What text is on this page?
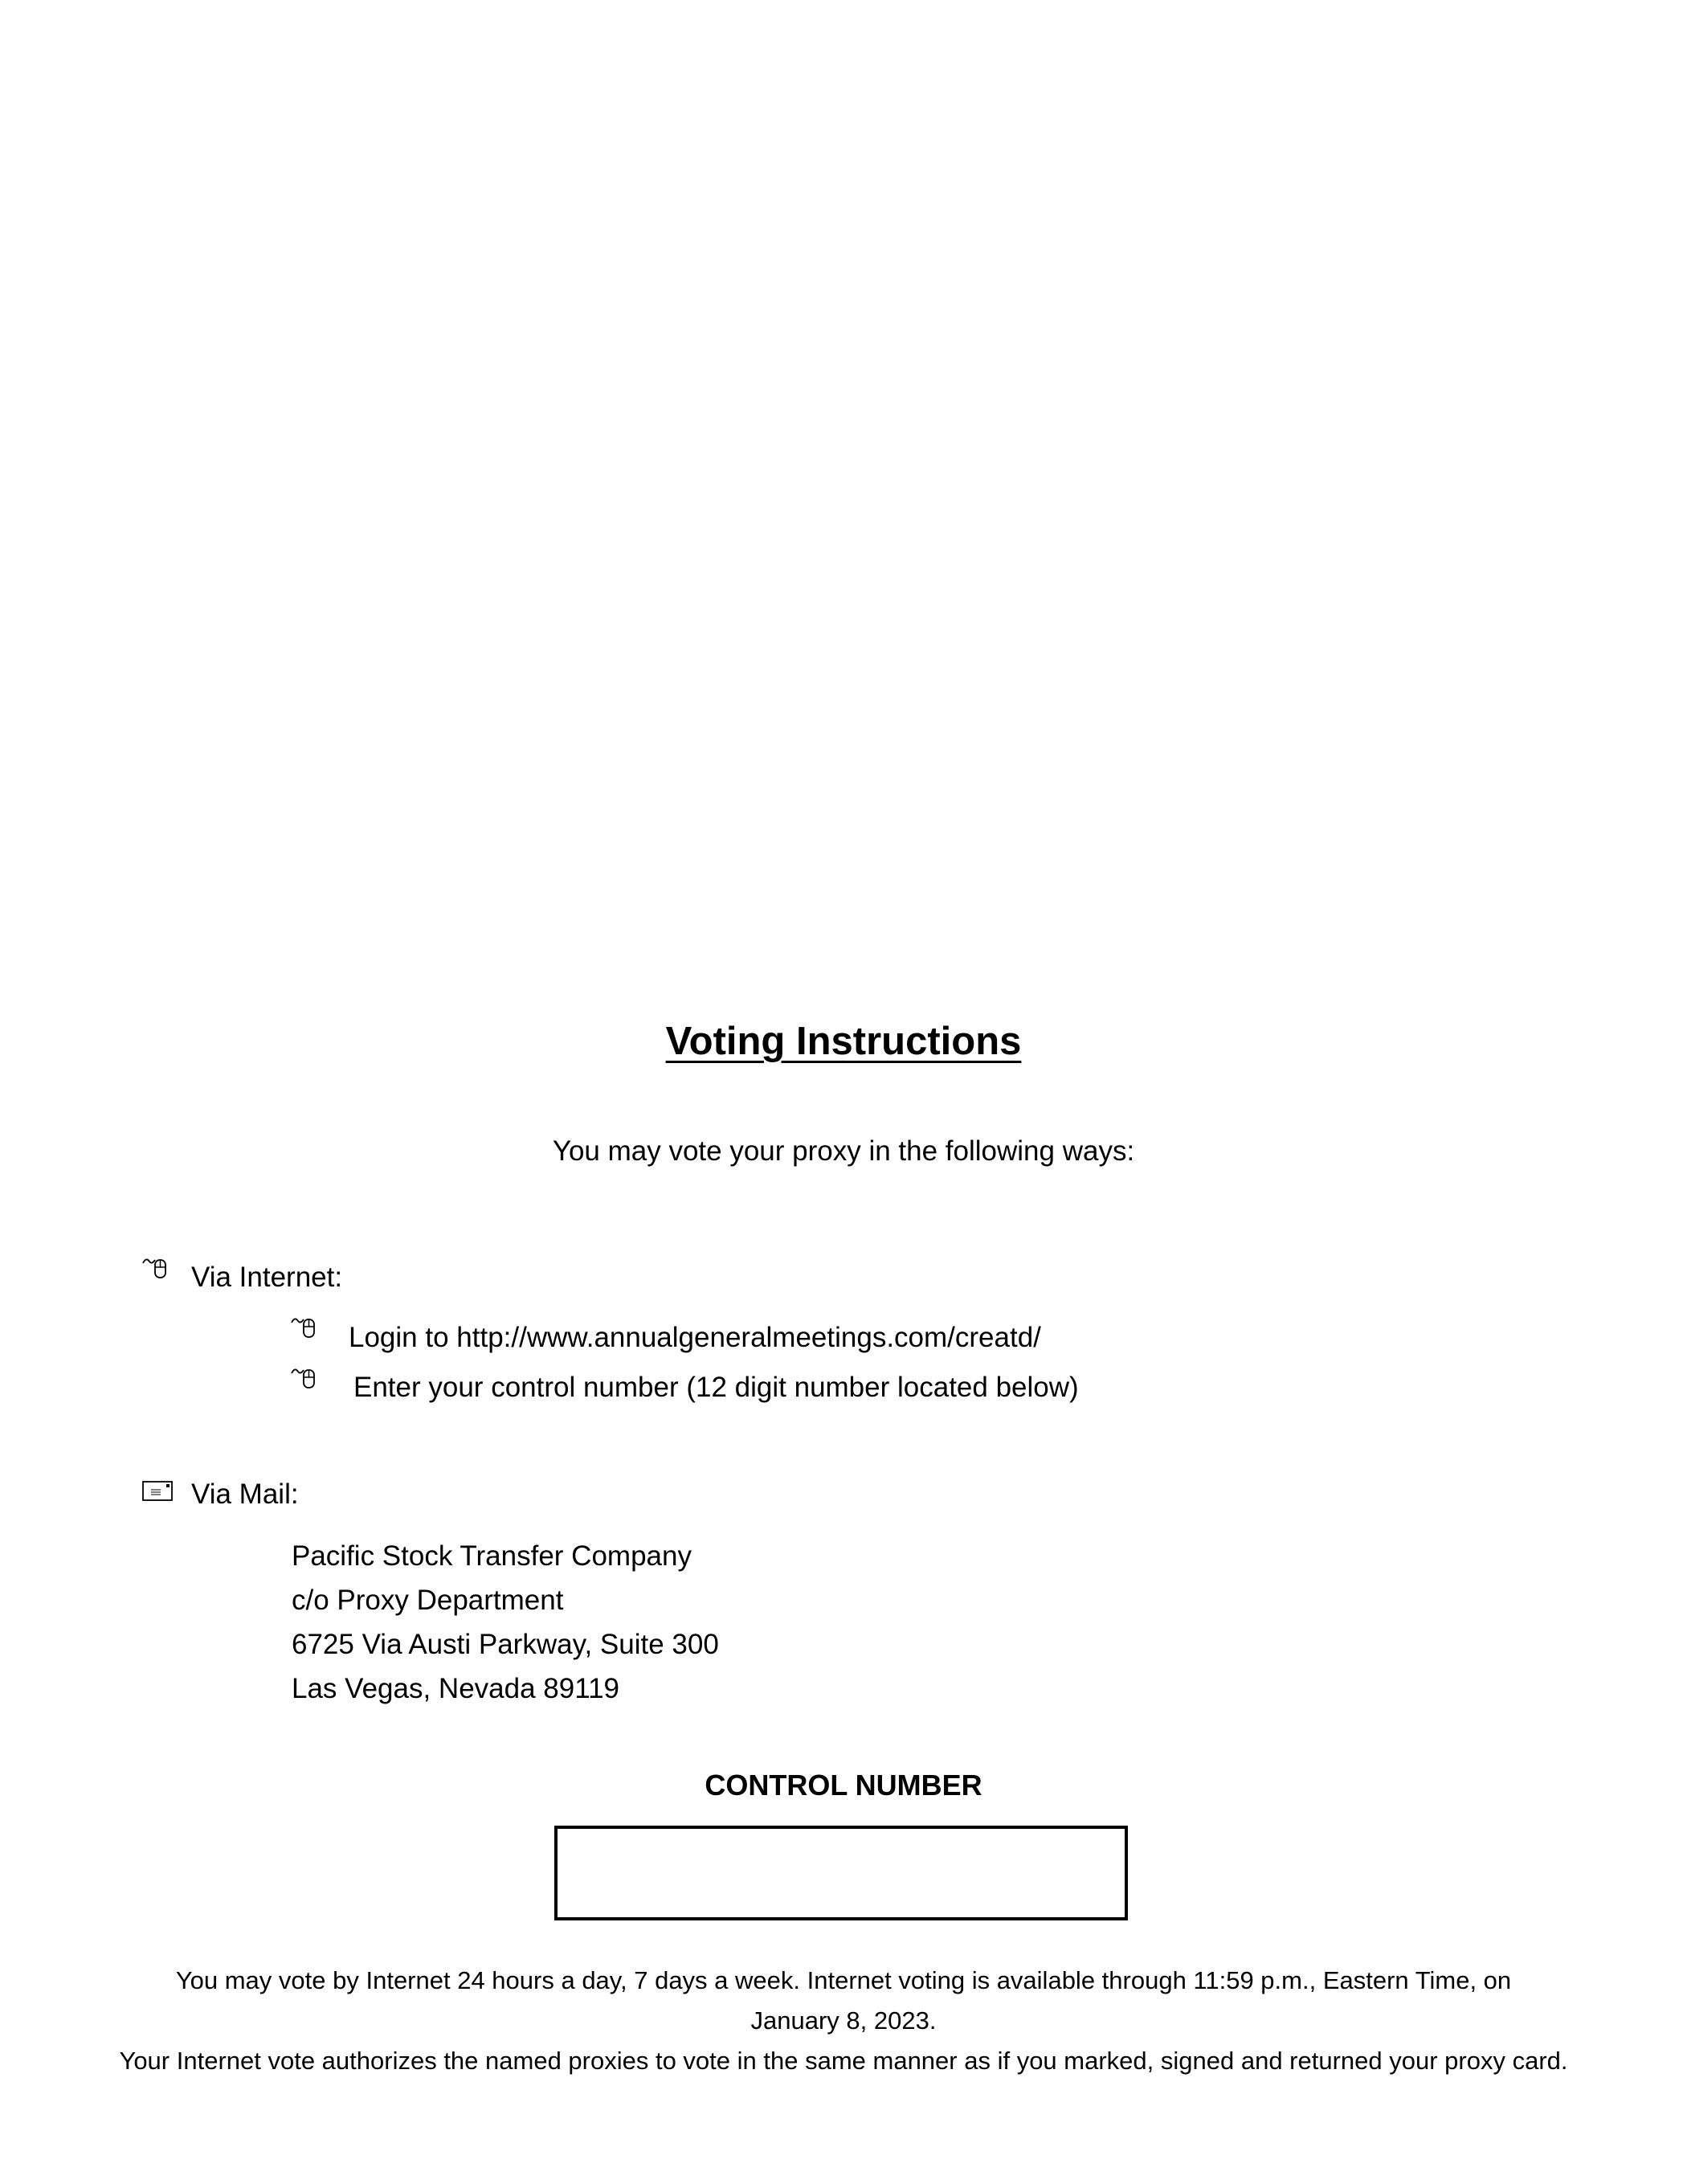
Voting Instructions
You may vote your proxy in the following ways:
Via Internet:
Login to http://www.annualgeneralmeetings.com/creatd/
Enter your control number (12 digit number located below)
Via Mail:
Pacific Stock Transfer Company
c/o Proxy Department
6725 Via Austi Parkway, Suite 300
Las Vegas, Nevada 89119
CONTROL NUMBER
You may vote by Internet 24 hours a day, 7 days a week. Internet voting is available through 11:59 p.m., Eastern Time, on
January 8, 2023.
Your Internet vote authorizes the named proxies to vote in the same manner as if you marked, signed and returned your proxy card.
